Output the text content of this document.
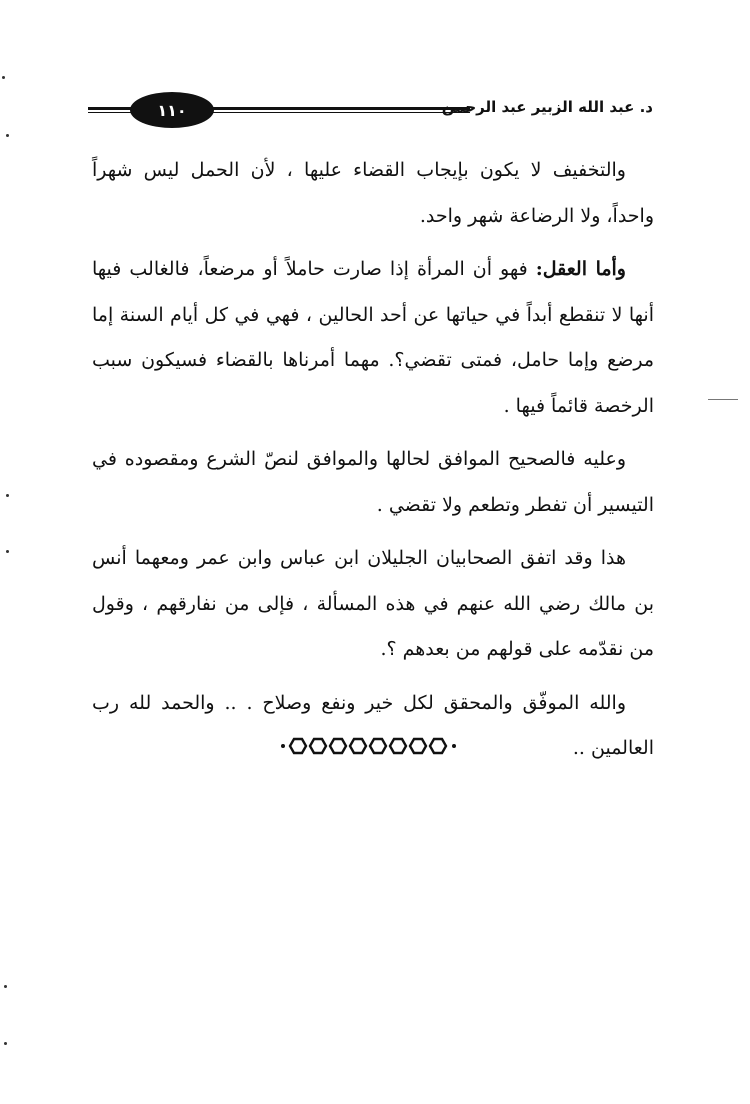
١١٠	د. عبد الله الزبير عبد الرحمن

والتخفيف لا يكون بإيجاب القضاء عليها ، لأن الحمل ليس شهراً واحداً، ولا الرضاعة شهر واحد.

وأما العقل: فهو أن المرأة إذا صارت حاملاً أو مرضعاً، فالغالب فيها أنها لا تنقطع أبداً في حياتها عن أحد الحالين ، فهي في كل أيام السنة إما مرضع وإما حامل، فمتى تقضي؟. مهما أمرناها بالقضاء فسيكون سبب الرخصة قائماً فيها .

وعليه فالصحيح الموافق لحالها والموافق لنصّ الشرع ومقصوده في التيسير أن تفطر وتطعم ولا تقضي .

هذا وقد اتفق الصحابيان الجليلان ابن عباس وابن عمر ومعهما أنس بن مالك رضي الله عنهم في هذه المسألة ، فإلى من نفارقهم ، وقول من نقدّمه على قولهم من بعدهم ؟.

والله الموفّق والمحقق لكل خير ونفع وصلاح . .. والحمد لله رب العالمين ..
